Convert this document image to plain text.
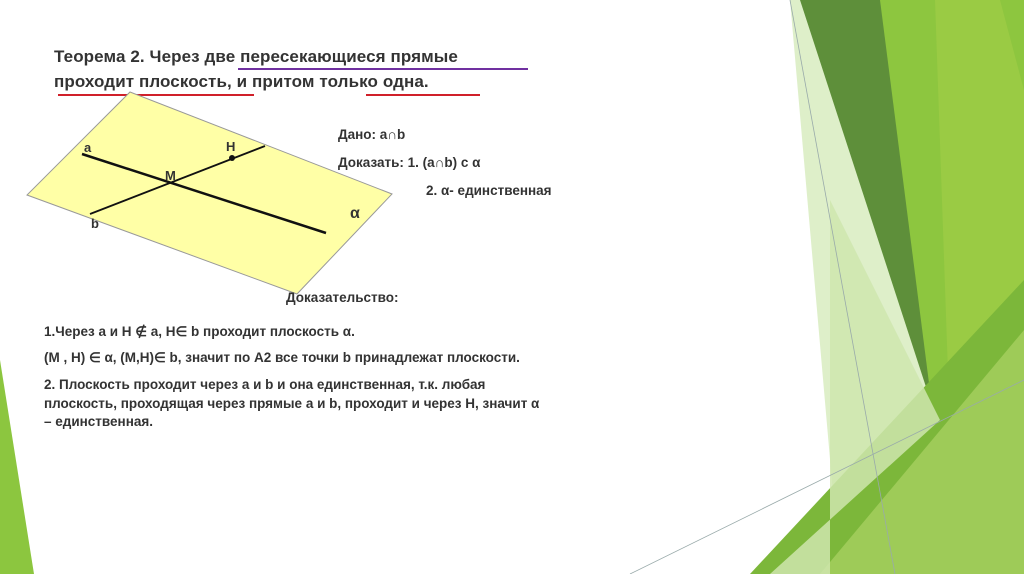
Теорема 2. Через две пересекающиеся прямые
проходит плоскость, и притом только одна.
a
b
H
M
α
Дано: a∩b
Доказать: 1. (a∩b) c α
2. α- единственная
Доказательство:
1.Через a и H ∉ a, H∈ b проходит плоскость α.
(M , H) ∈ α, (M,H)∈ b, значит по А2 все точки b принадлежат плоскости.
2. Плоскость проходит через a и b и она единственная, т.к. любая
плоскость, проходящая через прямые a и b, проходит и через H, значит α
– единственная.
